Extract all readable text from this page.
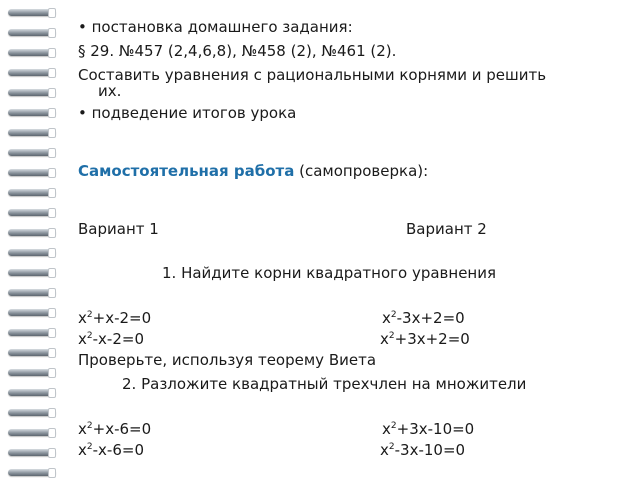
• постановка домашнего задания:
§ 29. №457 (2,4,6,8), №458 (2), №461 (2).
Составить уравнения с рациональными корнями и решить
их.
• подведение итогов урока
Самостоятельная работа (самопроверка):
Вариант 1	Вариант 2
1. Найдите корни квадратного уравнения
$x^2+x-2=0$	$x^2-3x+2=0$
$x^2-x-2=0$	$x^2+3x+2=0$
Проверьте, используя теорему Виета
2. Разложите квадратный трехчлен на множители
$x^2+x-6=0$	$x^2+3x-10=0$
$x^2-x-6=0$	$x^2-3x-10=0$
